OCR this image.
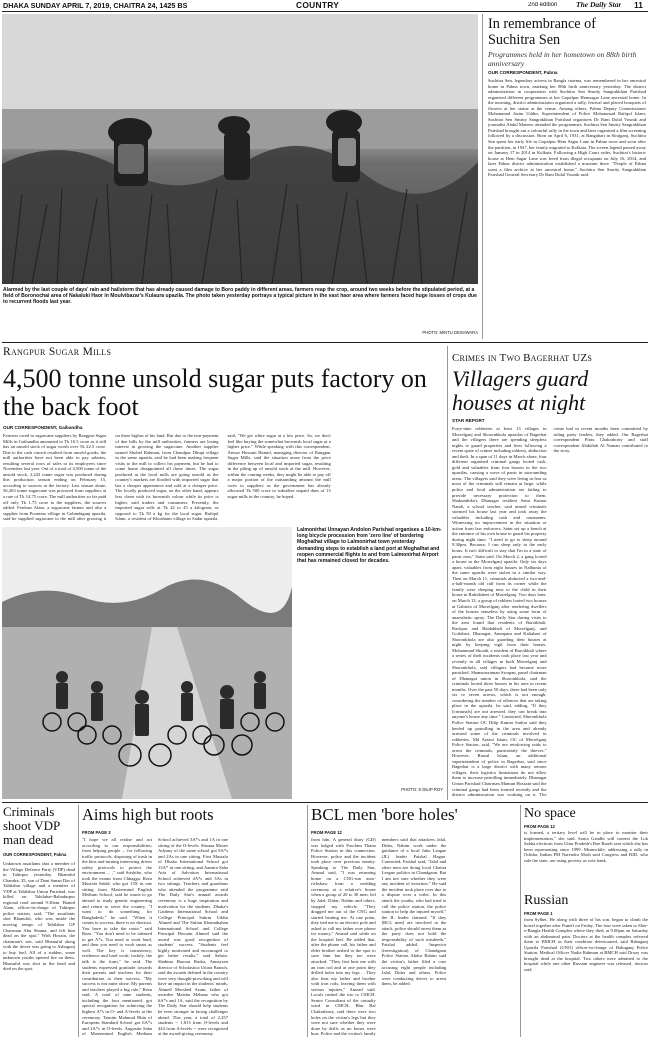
DHAKA SUNDAY APRIL 7, 2019, CHAITRA 24, 1425 BS	COUNTRY	2nd edition The Daily Star 11
Alarmed by the last couple of days' rain and hailstorm that has already caused damage to Boro paddy in different areas, farmers reap the crop, around two weeks before the stipulated period, at a field of Boronochai area of Nakaluki Haor in Moulvibazar's Kulaura upazila. The photo taken yesterday portrays a typical picture in the vast haor area where farmers faced huge losses of crops due to recurrent floods last year.
PHOTO: MINTU DESHWARA
In remembrance of Suchitra Sen
Programmes held in her hometown on 88th birth anniversary
OUR CORRESPONDENT, Pabna
Suchitra Sen, legendary actress in Bangla cinema, was remembered in her ancestral home in Pabna town, marking her 88th birth anniversary yesterday. The district administration in cooperation with Suchitra Sen Smrity Sangrakkhan Parishad organised different programmes at her Gopalpur Hemsagar Lane ancestral home. In the morning, district administration organised a rally, festival and placed bouquets of flowers at her statue at the venue. Among others, Pabna Deputy Commissioner Mohammad Jasim Uddin, Superintendent of Police Mohammad Rafiqul Islam, Suchitra Sen Smrity Sangrakkhan Parishad organisers Dr Ram Dulal Vounik and journalist Abdul Mateen, attended the programmes. Suchitra Sen Smrity Sangrakkhan Parishad brought out a colourful rally in the town and later organised a film screening followed by a discussion. Born on April 6, 1931, at Bangabari in Sirajganj, Suchitra Sen spent her early life in Gopalpur Hem Sagar Lane in Pabna town and soon after the partition, in 1947, her family migrated to Kolkata. The screen legend passed away on January 17 in 2014 in Kolkata. Following a High Court order, Suchitra's historic house at Hem Sagar Lane was freed from illegal occupants on July 16, 2014, and later Pabna district administration established a museum there. "People of Pabna want a film archive at her ancestral home," Suchitra Sen Smrity Sangrakkhan Parishad General Secretary Dr Ram Dulal Vounik said.
Rangpur Sugar Mills
4,500 tonne unsold sugar puts factory on the back foot
OUR CORRESPONDENT, Gaibandha
Farmers owed to sugarcane suppliers by Rangpur Sugar Mills in Gaibandha amounted to Tk 16.5 crore as it still has an unsold stock of sugar worth over Tk 22.5 crore. Due to the cash crunch resulted from unsold goods, the mill authorities have not been able to pay salaries, resulting several rows of sales to its employees since November last year. Out of a total of 4,500 tonne of the unsold stock, 2,243 tonne sugar was produced during this production season ending on February 15, according to sources at the factory. Last season alone, 56,263 tonne sugarcane was procured from suppliers at a rate of Tk 14.75 crore. The mill authorities so far paid off only Tk 1.75 crore to the suppliers, the sources added. Ferdous Alam, a sugarcane farmer and also a supplier from Poontear village in Gobindaganj upazila, said he supplied sugarcane to the mill after growing it on three bighas of his land. But due to the non-payment of due bills by the mill authorities, farmers are losing interest in growing the sugarcane. Another supplier named Shohel Rahman, from Chandpur Dhupi village in the same upazila, said he had been making frequent visits to the mill to collect his payment, but he had to come home disappointed all those times. The sugar produced at the local mills are going unsold as the country's markets are flooded with imported sugar that has a cheaper appearance and sold at a cheaper price. The locally produced sugar, on the other hand, appears less clean with its brownish colour while its price is higher, said traders and consumers. Presently, the imported sugar sells at Tk 42 to 45 a kilogram, as opposed to Tk 50 a kg for the local sugar. Rafiqul Islam, a resident of Khoshtam village in Sadar upazila, said, "We get white sugar at a low price. So, we don't feel like buying the somewhat brownish local sugar at a higher price." While speaking with this correspondent, Anwar Hossain Hamid, managing director of Rangpur Sugar Mills, said the situation arose from the price difference between local and imported sugar, resulting in the piling up of unsold stock at the mill. However, within the coming weeks, they might be able to pay off a major portion of the outstanding amount the mill owes to suppliers as the government has already allocated Tk 500 crore to subsidise unpaid dues of 15 sugar mills in the country, he hoped.
Lalmonirhat Unnayan Andolon Parishad organises a 10-km-long bicycle procession from 'zero line' of bordering Moghalhat village to Lalmonirhat town yesterday demanding steps to establish a land port at Moghalhat and reopen commercial flights to and from Lalmonirhat Airport that has remained closed for decades.
PHOTO: S DILIP ROY
Crimes in Two Bagerhat UZs
Villagers guard houses at night
STAR REPORT
Forty-nine robberies at least 13 villages in Morrelganj and Shoronkhola upazilas of Bagerhat and the villagers there are spending sleepless nights to guard properties and lives following a recent spate of crimes including robbery, abduction and theft. In a span of 11 days in March alone, four different organised criminal gangs looted cash, gold and valuables from four houses in the two upazilas, causing a wave of panic in surrounding areas. The villagers said they were living in fear as most of the criminals still remain at large, while police and local administration are failing to provide necessary protection to them. Shakunthika's Dhanagat resident Saint Kumar Nandi, a school teacher, said armed criminals stormed his house last year and took away the valuables including cash and ornaments. Witnessing no improvement in the situation or action from law enforcers, Saint set up a bench at the entrance of his own house to guard his property during night time. "I need to go to sleep around 9.30pm. Because, I can sleep only in the early hours. It isn't difficult to stay that I'm in a state of panic now," Saint said. On March 2, a gang looted a house in the Morrelganj upazila. Only six days apart, valuables from eight houses in Nalbunia of the same upazila were stolen in a similar way. Then on March 11, criminals abducted a two-and-a-half-month old calf from its owner while the family were sleeping next to the child in their house in Ruhidsheet of Morrelganj. Two days later, on March 13, a group of robbers looted two houses at Gabtola of Morrelganj after rendering dwellers of the houses senseless by using some form of anaesthetic spray. The Daily Star during visits to the area found that residents of Baroikhali, Rachpur and Baidakhali of Morrelganj, and Goilabari, Dhanagat, Amrapara and Kaliabari of Shoronkhola are also guarding their houses at night by keeping vigil from their homes. Mohammad Shoaib, a resident of Baroikhali where a series of theft incidents took place last year and recently in all villages in both Morrelganj and Shoronkhola, said villagers had become more panicked. Shamsuzzaman Swapan, panel chairman of Dhanagat union in Shoronkhola, said the criminals looted three houses in his area in recent months. Over the past 50 days, there had been only six or seven arrests, which is not enough, considering the number of offences that are taking place in the upazila, he said, adding, "If they [criminals] are not arrested, they can break into anyone's house any time." Contacted, Shoronkhola Police Station OC Dilip Kumar Sarkar said they beefed up patrolling in the area and already arrested some of the criminals involved in robberies. Md Azizul Islam, OC of Morrelganj Police Station, said, "We are reinforcing raids to arrest the criminals, particularly the thieves." However, Riazul Islam, an additional superintendent of police in Bagerhat, said since Bagerhat is a large district with many remote villages, their logistics limitations do not allow them to increase patrolling immediately. Dhanagat Union Parishad Chairman Mamun Hossain said the criminal gangs had been formed recently and the district administration was working on it. The crime had in recent months been committed by ruling party leaders, they added. Our Bagerhat correspondent Pintu Chakraborty and staff correspondent Abdullah Al Naman contributed to the story.
Criminals shoot VDP man dead
OUR CORRESPONDENT, Pabna
Unknown assailants shot a member of the Village Defence Party (VDP) dead in Tahirpur yesterday. Bhanuful Chandra, 35, son of Dani Sanan Das of Tahilabar village and a member of VDP at Tahilabar Union Parishad, was killed on Tahilabar-Bahadurpur regional road around 9.30am. Hamid Alam, officer-in-charge of Tahirpur police station, said, "The assailants shot Bhanuful, who was inside the moving tempo of Tahilabar UP Chairman Abu Shama, and left him dead on the spot." With Hosain, the chairman's son, said Bhanuful along with the driver was going to Ashugonj to buy fuel. All of a sudden, some unknown youths opened fire on them. Bhanuful was shot in the head and died on the spot.
Aims high but roots
FROM PAGE 3
"I hope we all realise and act according to our responsibilities; from helping people ... for following traffic protocols, disposing of trash in the bins and turning interesting drives safety protocols to protect the environment ... ," said Srishtho, who took the exams from Chhagga. Reza Mustafa Sabid, who got 13X in one sitting from Mastermind English Medium School, said he wants to go abroad to study genetic engineering and return to serve the country. "I want to do something for Bangladesh," he said. "When it comes to success, there is no shortcut. You have to take the route," said Reza. "You don't need to be talented to get A*s. You need to work hard, and then you need to work smart as well. The key is consistency, resilience and hard work; luckily, the talk is the form," he said. The students expressed gratitude towards their parents and teachers for their contribution to their success. "My success is not mine alone. My parents and teachers played a big role," Reza said. A total of nine students, including the four mentioned, got special recognition for achieving the highest A*s in O- and A-levels at the ceremony. Tasnim Mahmud Rhin of European Standard School got 6A*s and 2A*s in O-levels. Augustin Saha of Mastermind English Medium School achieved 3A*s and 1A in one sitting of the O-levels. Shoana Mosee Adyany of the same school got 8A*s and 2As in one sitting. First Mustafa of Dhaka International School got 13A* in one sitting; and Aamira Saha Aria of Salvation International School achieved 4A*s and 3As in two sittings. Teachers and guardians who attended the programme said The Daily Star's annual awards ceremony is a huge inspiration and motivation for the students. Dhaka's Gardena International School and College Principal Sabrin Uddin Ahmed and The Sultan Khanathahan International School and College Principal Hossain Ahmed said the award was good recognition of students' success. "Students feel highly motivated and encouraged to get better results," said Sabrin. Shabina Haroon Rudra, Annaysen director of Scholastica Uttara Branch, said the awards defined in the country were very thought-provoking and will have an impact in the students' minds. Ahmed Morshed Azam, father of awardee Maisha Mehnaz who got 6A*s and 1A, said the recognition by The Daily Star should help students be even stronger in facing challenges ahead. This year, a total of 2,257 students -- 1,813 from O-levels and 444 from A-levels -- were recognised at the award-giving ceremony.
BCL men 'bore holes'
FROM PAGE 12
from him. A general diary (GD) was lodged with Paschim Thana Police Station in this connection. However, police and the incident took place over previous enmity. Speaking to The Daily Star, Amzad said, "I was returning home on a CNG-run auto-rickshaw from a wedding ceremony at a relative's house when a group of 20 to 30 men, led by Jalal, Didar, Nahim and others, stopped my vehicle. "They dragged me out of the CNG and started beating me. At one point, they tied me to an electric pole and asked to call my father over phone for money," Amzad said while on the hospital bed. He added that, after the phone call, his father and elder brother rushed to the spot to save him but they too were attacked. "They first beat me with an iron rod and at one point they drilled holes into my legs ... They also beat my father and brother with iron rods, leaving them with serious injuries," Amzad said. Locals rushed the trio to CMCH. Senior Consultant of the casualty ward in CMCH, Bhir Bal Chakraborty, said there were two holes on the victim's legs but they were not sure whether they were done by drills as no bones were hurt. Police and the victim's family members said that attackers Jalal, Didar, Nahim work under the guidance of a local Jubo League (JL) leader Faishal Hague. Contacted, Faishal said, "Jalal and other men are doing local Chattra League politics in Chandgaon. But I am not sure whether they were any incident of extortion." He said the incident took place over due to a dispute over a toilet. In this attack the youths, who had tried to call the police station, the police station to help the injured myself," the JL leader claimed. "If they [BCL men] are involved in the attack, police should arrest them as the party does not hold the responsibility of such misdeeds," Faishal added. Inspector (investigation) of Chandgaon Police Station Abdur Rahim said the victim's father filed a case accusing eight people including Jalal, Didar and others. Police were conducting drives to arrest them, he added.
No space
FROM PAGE 12
is formed, a tertiary level will be in place to monitor their implementation," she said. Sonia Gandhi will contest the Lok Sabha elections from Uttar Pradesh's Rae Bareli seat which she has been representing since 1999. Meanwhile, addressing a rally in Odisha, Indian PM Narendra Modi said Congress and BJD, who rule the state, are using poverty as vote bank.
Russian
FROM PAGE 1
from Sylhet. He along with three of his son, began to climb the hostel together after Puneff on Friday. The four were taken to Sher-e-Bangla Health Complex where they died, at 9.00pm on Saturday with an abdominal pain. Doctors at the health complex referred them to BMCH as their condition deteriorated, said Babuganj Upazila Parishad (UNO) officer-in-charge of Babuganj Police Station. Medical Officer Nadia Rahman at BMCH said Drozy was brought dead at the hospital. Two others were admitted to the hospital while one other Russian engineer was released, doctors said.
